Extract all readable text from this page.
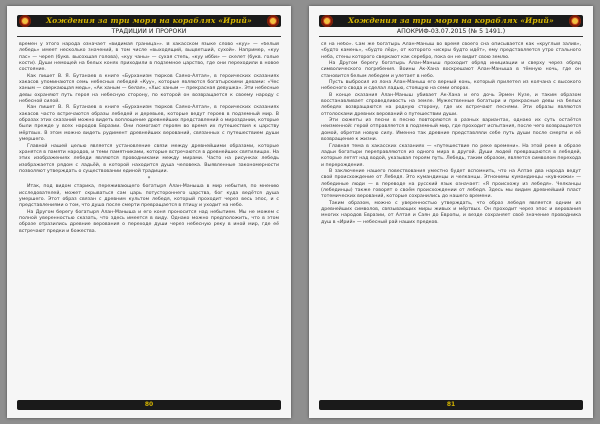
Хождения за три моря на кораблях «Ирий»
ТРАДИЦИИ И ПРОРОКИ

времён у этого народа означает «видимая граница»». В хакасском языке слово «куу» — «белый лебедь» имеет несколько значений, в том числе «выходящий, выцветший, сухой». Например, «куу пас» — череп (букв. высохшая голова), «куу чаны» — сухая степь, «куу ибби» — скелет (букв. голые кости). Души немощей на белых конях приходили в подземное царство, где они переходили в новое состояние.

Как пишет В. Я. Бутанаев в книге «Бурханизм тюрков Саяно-Алтая», в героических сказаниях хакасов упоминаются семь небесных лебедей «Куу», которые являются богатырскими девами: «Чес ханым — сверкающая медь», «Ак ханым — белая», «Хыс ханым — прекрасная девушка». Эти небесные девы охраняют путь героя на небесную сторону, по которой он возвращается к своему народу с небесной силой.

Кан пишет В. Я. Бутанаев в книге «Бурханизм тюрков Саяно-Алтая», в героических сказаниях хакасов часто встречаются образы лебедей и деревьев, которые ведут героев в подземный мир. В образах этих сказаний можно видеть воплощение древнейших представлений о мироздании, которые были прежде у всех народов Евразии. Они помогают героям во время их путешествия к царству мёртвых. В этом можно видеть рудимент древнейших верований, связанных с путешествием души умершего.

Главной нашей целью является установление связи между древнейшими образами, которые хранятся в памяти народов, и теми памятниками, которые встречаются в древнейших святилищах. На этих изображениях лебеди являются проводниками между мирами. Часто на рисунках лебедь изображается рядом с ладьёй, в которой находится душа человека. Выявленные закономерности позволяют утверждать о существовании единой традиции.

*

Итак, под видом старика, переживающего богатыря Алан-Маныша в мир небытия, по мнению исследователей, может скрываться сам царь потустороннего царства, бог куда ведётся душа умершего. Этот образ связан с древним культом лебедя, который проходит через весь эпос, и с представлениями о том, что душа после смерти превращается в птицу и уходит на небо.

На Другом берегу богатыря Алан-Маныша и его коня проносится над небытием. Мы не можем с полной уверенностью сказать, что здесь имеется в виду. Однако можно предположить, что в этом образе отразились древние верования о переходе души через небесную реку в иной мир, где её встречают предки и божества.

80
Хождения за три моря на кораблях «Ирий»
АПОКРИФ-03.07.2015 (№ 5 1491.)

ся на небо». Сам же богатырь Алан-Маныш во время своего сна описывается как «круглый залив», «будто камень», «будто лёд», от которого «искры будто идёт», ему представляется утро стального неба, стены которого сверкают как серебро, пока он не видит свою землю.

На Другом берегу богатырь Алан-Маныш проходит обряд инициации и сверху через обряд символического погребения. Воины Ак-Хана воскрешают Алан-Маныша в тёмную ночь, где он становится белым лебедем и улетает в небо.

Пусть выбросил из лона Алан-Маныш его верный конь, который прилетел из колчана с высокого небесного свода и сделал ладью, стоящую на семи опорах.

В конце сказания Алан-Маныш убивает Ак-Хана и его дочь Эрмен Кузе, и таким образом восстанавливает справедливость на земле. Мужественные богатыри и прекрасные девы на белых лебедях возвращаются на родную сторону, где их встречают песнями. Эти образы являются отголосками древних верований о путешествии души.

Эти сюжеты из песни в песню повторяются в разных вариантах, однако их суть остаётся неизменной: герой отправляется в подземный мир, где проходит испытания, после чего возвращается домой, обретая новую силу. Именно так древние представляли себе путь души после смерти и её возвращение к жизни.

Главная тема в хакасских сказаниях — «путешествие по реке времени». На этой реке в образе ладьи богатыри переправляются из одного мира в другой. Души людей превращаются в лебедей, которые летят над водой, указывая героям путь. Лебедь, таким образом, является символом перехода и перерождения.

В заключение нашего повествования уместно будет вспомнить, что на Алтае два народа ведут свой происхождение от Лебедя. Это кумандинцы и челканцы. Этнонимы кумандинцы «кув-кижи» — лебединые люди — в переводе на русский язык означает: «Я происхожу из лебедя». Челканцы (лебединцы) также говорят о своём происхождении от лебедя. Здесь мы видим древнейший пласт тотемических верований, которые сохранились до нашего времени.

Таким образом, можно с уверенностью утверждать, что образ лебедя является одним из древнейших символов, связывающих миры живых и мёртвых. Он проходит через эпос и верования многих народов Евразии, от Алтая и Саян до Европы, и везде сохраняет своё значение проводника душ в «Ирий» — небесный рай наших предков.

81
